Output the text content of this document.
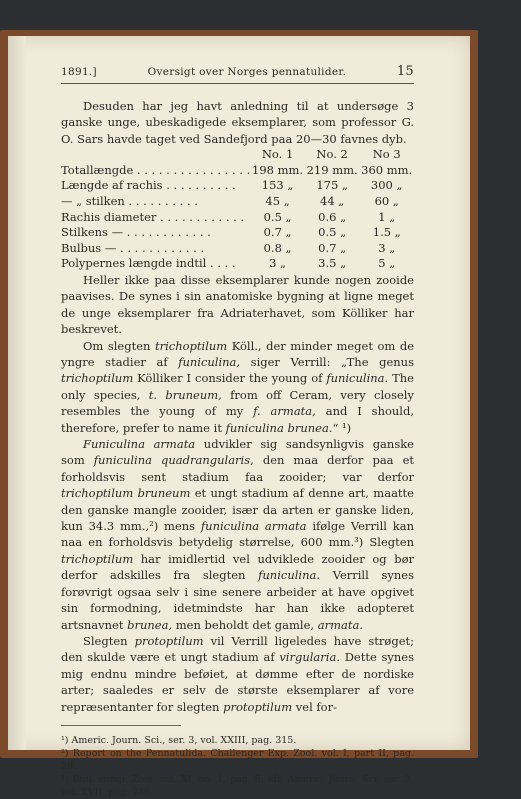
1891.]	Oversigt over Norges pennatulider.	15

Desuden har jeg havt anledning til at undersøge 3 ganske unge, ubeskadigede eksemplarer, som professor G. O. Sars havde taget ved Sandefjord paa 20—30 favnes dyb.

	No. 1	No. 2	No 3
Totallængde . . . . . . . . . . . . . . . .	198 mm.	219 mm.	360 mm.
Længde af rachis . . . . . . . . . .	153 „	175 „	300 „
— „ stilken . . . . . . . . . .	45 „	44 „	60 „
Rachis diameter . . . . . . . . . . . .	0.5 „	0.6 „	1 „
Stilkens — . . . . . . . . . . . .	0.7 „	0.5 „	1.5 „
Bulbus — . . . . . . . . . . . .	0.8 „	0.7 „	3 „
Polypernes længde indtil . . . .	3 „	3.5 „	5 „

Heller ikke paa disse eksemplarer kunde nogen zooide paavises. De synes i sin anatomiske bygning at ligne meget de unge eksemplarer fra Adriaterhavet, som Kölliker har beskrevet.

Om slegten trichoptilum Köll., der minder meget om de yngre stadier af funiculina, siger Verrill: „The genus trichoptilum Kölliker I consider the young of funiculina. The only species, t. bruneum, from off Ceram, very closely resembles the young of my f. armata, and I should, therefore, prefer to name it funiculina bruneа.“ ¹)

Funiculina armata udvikler sig sandsynligvis ganske som funiculina quadrangularis, den maa derfor paa et forholdsvis sent stadium faa zooider; var derfor trichoptilum bruneum et ungt stadium af denne art, maatte den ganske mangle zooider, især da arten er ganske liden, kun 34.3 mm.,²) mens funiculina armata ifølge Verrill kan naa en forholdsvis betydelig størrelse, 600 mm.³) Slegten trichoptilum har imidlertid vel udviklede zooider og bør derfor adskilles fra slegten funiculina. Verrill synes forøvrigt ogsaa selv i sine senere arbeider at have opgivet sin formodning, idetmindste har han ikke adopteret artsnavnet bruneа, men beholdt det gamle, armata.

Slegten protoptilum vil Verrill ligeledes have strøget; den skulde være et ungt stadium af virgularia. Dette synes mig endnu mindre beføiet, at dømme efter de nordiske arter; saaledes er selv de største eksemplarer af vore repræsentanter for slegten protoptilum vel for-

¹) Americ. Journ. Sci., ser. 3, vol. XXIII, pag. 315.
²) Report on the Pennatulida. Challenger Exp. Zool. vol. I, part II, pag. 29.
³) Bull. comp. Zool. vol. XI, no. 1, pag. 6; kfr. Americ. Journ. Sci. ser. 3, vol. XVII, pag. 240.
